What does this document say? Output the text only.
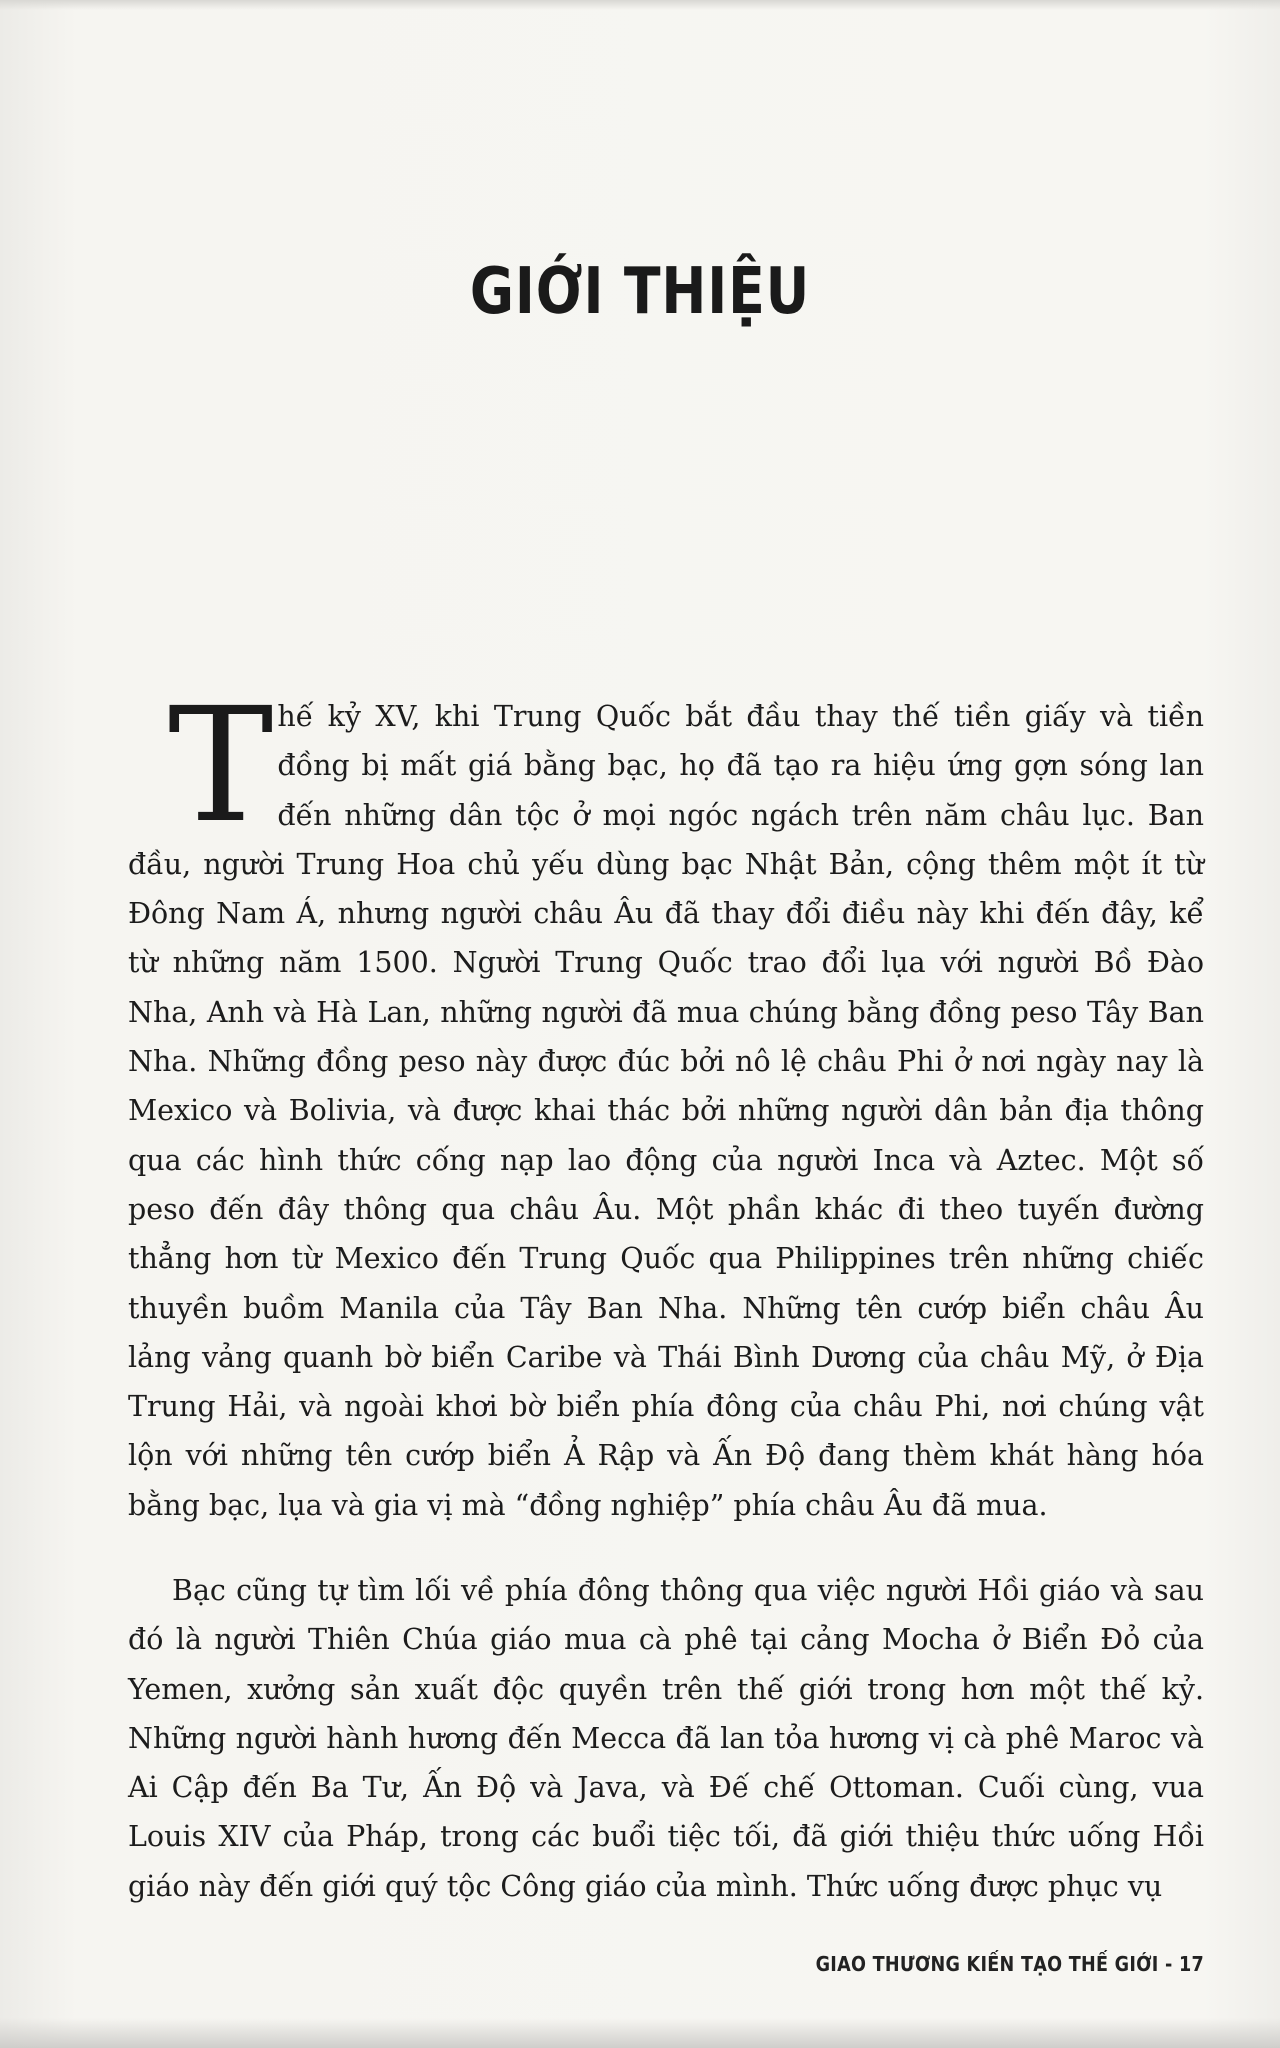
GIỚI THIỆU

Thế kỷ XV, khi Trung Quốc bắt đầu thay thế tiền giấy và tiền đồng bị mất giá bằng bạc, họ đã tạo ra hiệu ứng gợn sóng lan đến những dân tộc ở mọi ngóc ngách trên năm châu lục. Ban đầu, người Trung Hoa chủ yếu dùng bạc Nhật Bản, cộng thêm một ít từ Đông Nam Á, nhưng người châu Âu đã thay đổi điều này khi đến đây, kể từ những năm 1500. Người Trung Quốc trao đổi lụa với người Bồ Đào Nha, Anh và Hà Lan, những người đã mua chúng bằng đồng peso Tây Ban Nha. Những đồng peso này được đúc bởi nô lệ châu Phi ở nơi ngày nay là Mexico và Bolivia, và được khai thác bởi những người dân bản địa thông qua các hình thức cống nạp lao động của người Inca và Aztec. Một số peso đến đây thông qua châu Âu. Một phần khác đi theo tuyến đường thẳng hơn từ Mexico đến Trung Quốc qua Philippines trên những chiếc thuyền buồm Manila của Tây Ban Nha. Những tên cướp biển châu Âu lảng vảng quanh bờ biển Caribe và Thái Bình Dương của châu Mỹ, ở Địa Trung Hải, và ngoài khơi bờ biển phía đông của châu Phi, nơi chúng vật lộn với những tên cướp biển Ả Rập và Ấn Độ đang thèm khát hàng hóa bằng bạc, lụa và gia vị mà “đồng nghiệp” phía châu Âu đã mua.

Bạc cũng tự tìm lối về phía đông thông qua việc người Hồi giáo và sau đó là người Thiên Chúa giáo mua cà phê tại cảng Mocha ở Biển Đỏ của Yemen, xưởng sản xuất độc quyền trên thế giới trong hơn một thế kỷ. Những người hành hương đến Mecca đã lan tỏa hương vị cà phê Maroc và Ai Cập đến Ba Tư, Ấn Độ và Java, và Đế chế Ottoman. Cuối cùng, vua Louis XIV của Pháp, trong các buổi tiệc tối, đã giới thiệu thức uống Hồi giáo này đến giới quý tộc Công giáo của mình. Thức uống được phục vụ

GIAO THƯƠNG KIẾN TẠO THẾ GIỚI - 17
